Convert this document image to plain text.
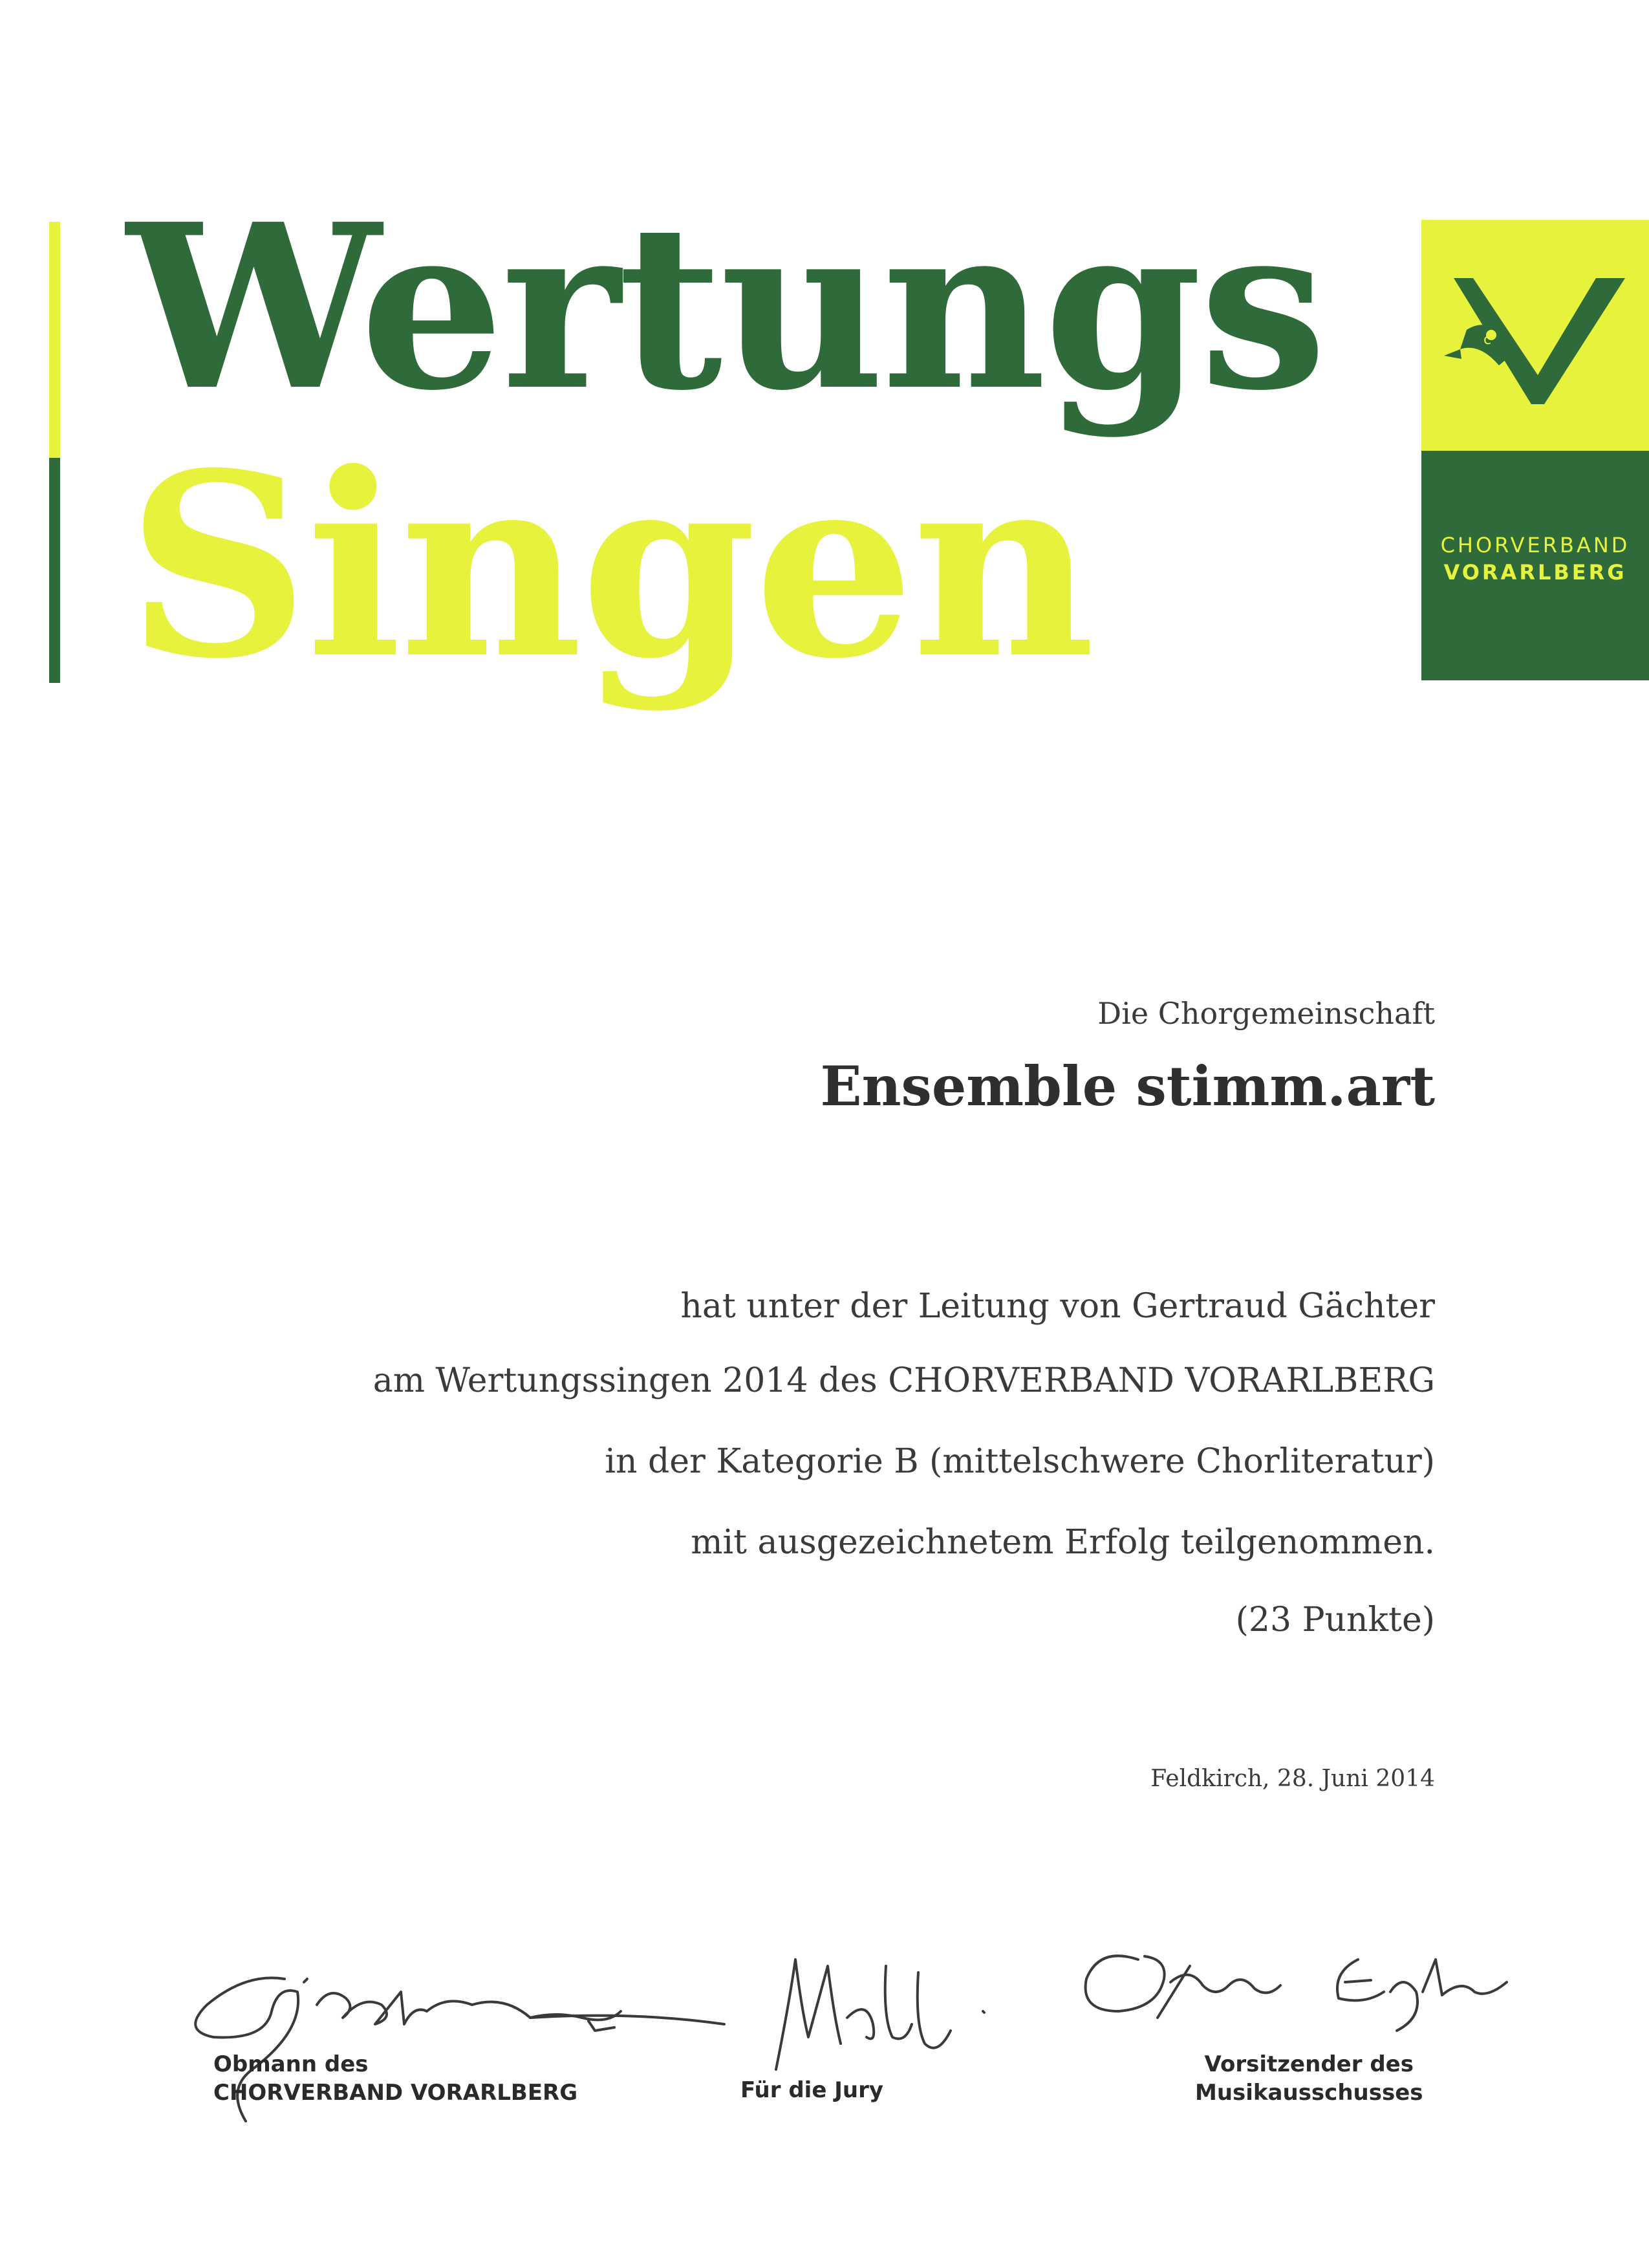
Wertungs
Singen
c
CHORVERBAND
VORARLBERG
Die Chorgemeinschaft
Ensemble stimm.art
hat unter der Leitung von Gertraud Gächter
am Wertungssingen 2014 des CHORVERBAND VORARLBERG
in der Kategorie B (mittelschwere Chorliteratur)
mit ausgezeichnetem Erfolg teilgenommen.
(23 Punkte)
Feldkirch, 28. Juni 2014
Obmann des
CHORVERBAND VORARLBERG	Für die Jury
Vorsitzender des
Musikausschusses
